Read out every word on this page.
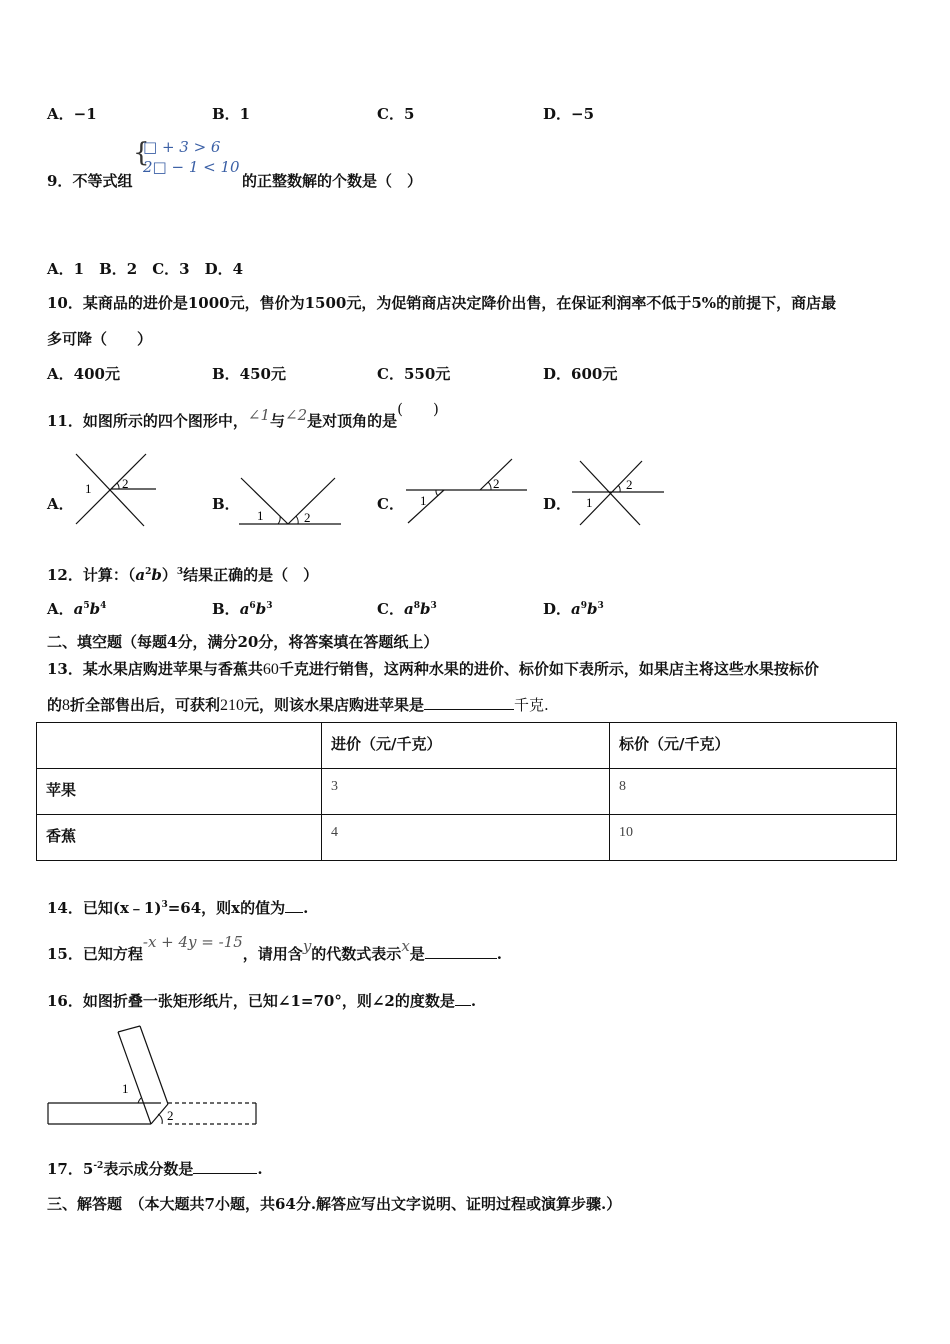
A．−1	B．1	C．5	D．−5
9．不等式组
{
□ + 3 > 6
2□ − 1 < 10
的正整数解的个数是（　）
A．1　B．2　C．3　D．4
10．某商品的进价是1000元，售价为1500元，为促销商店决定降价出售，在保证利润率不低于5%的前提下，商店最
多可降（　　）
A．400元	B．450元	C．550元	D．600元
11．如图所示的四个图形中，∠1与∠2是对顶角的是(　　)
A．
1 2
B．
1	2
C． 1
2
D． 1
2
12．计算：$(a^2b)^3$结果正确的是（　）
A．$a^5b^4$	B．$a^6b^3$	C．$a^8b^3$	D．$a^9b^3$
二、填空题（每题4分，满分20分，将答案填在答题纸上）
13．某水果店购进苹果与香蕉共60千克进行销售，这两种水果的进价、标价如下表所示，如果店主将这些水果按标价
的8折全部售出后，可获利210元，则该水果店购进苹果是	千克.
	进价（元/千克）	标价（元/千克）
苹果	3	8
香蕉	4	10
14．已知(x﹣1)$^3$=64，则x的值为 .
15．已知方程-x + 4y = -15，请用含y的代数式表示x是	.
16．如图折叠一张矩形纸片，已知∠1=70°，则∠2的度数是 .
1
2
17．$5^{-2}$表示成分数是	.
三、解答题　（本大题共7小题，共64分.解答应写出文字说明、证明过程或演算步骤.）
